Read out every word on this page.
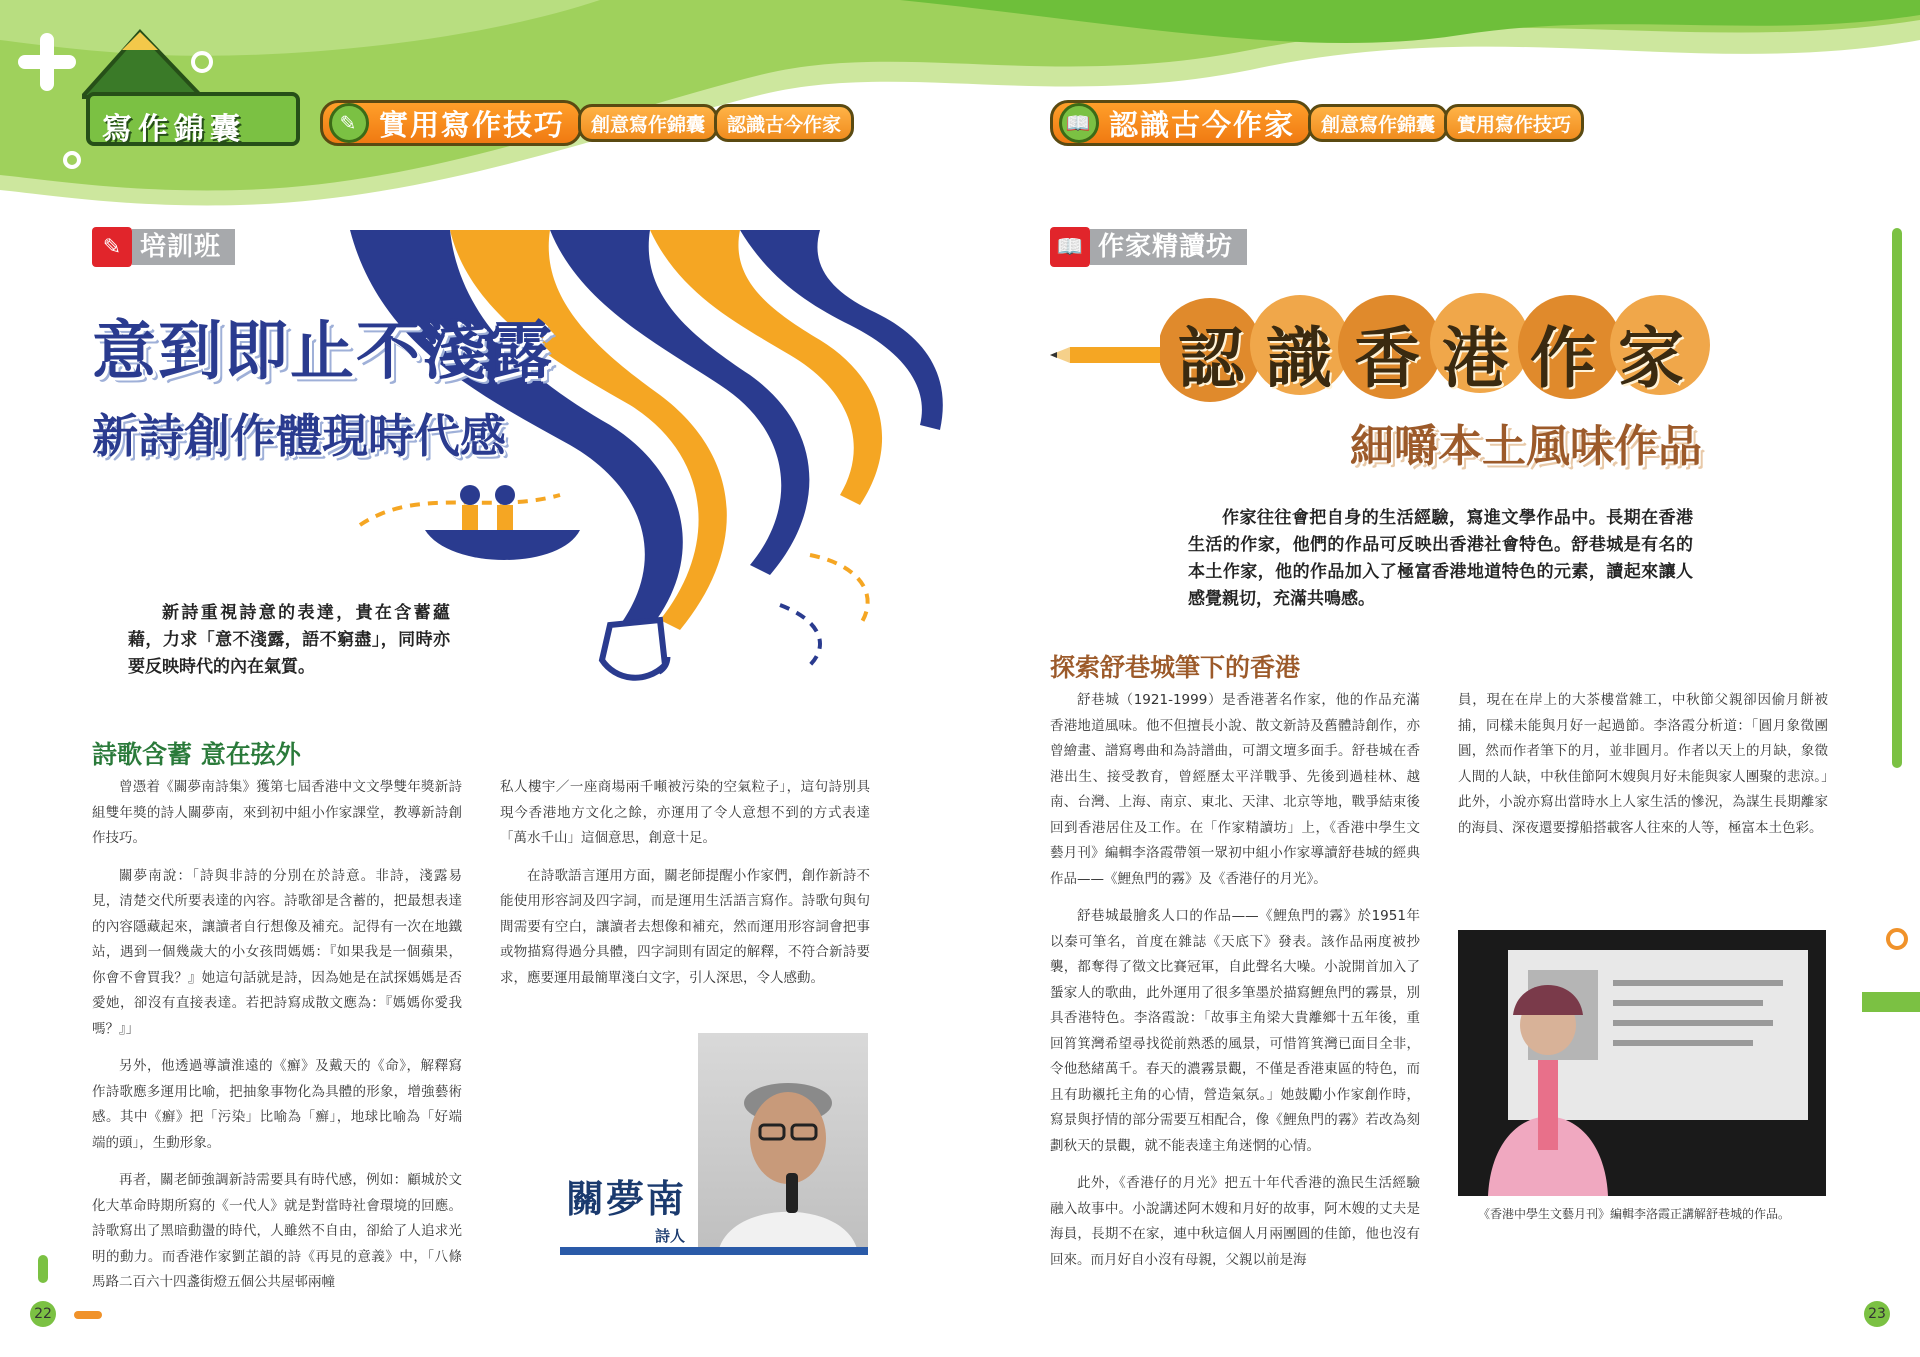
寫作錦囊	✎ 實用寫作技巧 創意寫作錦囊 認識古今作家	📖 認識古今作家 創意寫作錦囊 實用寫作技巧
✎ 培訓班
,
意到即止不淺露
新詩創作體現時代感
新詩重視詩意的表達，貴在含蓄蘊藉，力求「意不淺露，語不窮盡」，同時亦要反映時代的內在氣質。
詩歌含蓄 意在弦外

曾憑着《關夢南詩集》獲第七屆香港中文文學雙年獎新詩組雙年獎的詩人關夢南，來到初中組小作家課堂，教導新詩創作技巧。

關夢南說：「詩與非詩的分別在於詩意。非詩，淺露易見，清楚交代所要表達的內容。詩歌卻是含蓄的，把最想表達的內容隱藏起來，讓讀者自行想像及補充。記得有一次在地鐵站，遇到一個幾歲大的小女孩問媽媽：『如果我是一個蘋果，你會不會買我？』她這句話就是詩，因為她是在試探媽媽是否愛她，卻沒有直接表達。若把詩寫成散文應為：『媽媽你愛我嗎？』」

另外，他透過導讀淮遠的《癬》及戴天的《命》，解釋寫作詩歌應多運用比喻，把抽象事物化為具體的形象，增強藝術感。其中《癬》把「污染」比喻為「癬」，地球比喻為「好端端的頭」，生動形象。

再者，關老師強調新詩需要具有時代感，例如：顧城於文化大革命時期所寫的《一代人》就是對當時社會環境的回應。詩歌寫出了黑暗動盪的時代，人雖然不自由，卻給了人追求光明的動力。而香港作家劉芷韻的詩《再見的意義》中，「八條馬路二百六十四盞街燈五個公共屋邨兩幢

私人樓宇／一座商場兩千噸被污染的空氣粒子」，這句詩別具現今香港地方文化之餘，亦運用了令人意想不到的方式表達「萬水千山」這個意思，創意十足。

在詩歌語言運用方面，關老師提醒小作家們，創作新詩不能使用形容詞及四字詞，而是運用生活語言寫作。詩歌句與句間需要有空白，讓讀者去想像和補充，然而運用形容詞會把事或物描寫得過分具體，四字詞則有固定的解釋，不符合新詩要求，應要運用最簡單淺白文字，引人深思，令人感動。

關夢南
詩人
22
📖 作家精讀坊
認識香港作家
細嚼本土風味作品
作家往往會把自身的生活經驗，寫進文學作品中。長期在香港生活的作家，他們的作品可反映出香港社會特色。舒巷城是有名的本土作家，他的作品加入了極富香港地道特色的元素，讀起來讓人感覺親切，充滿共鳴感。
探索舒巷城筆下的香港

舒巷城（1921-1999）是香港著名作家，他的作品充滿香港地道風味。他不但擅長小說、散文新詩及舊體詩創作，亦曾繪畫、譜寫粵曲和為詩譜曲，可謂文壇多面手。舒巷城在香港出生、接受教育，曾經歷太平洋戰爭、先後到過桂林、越南、台灣、上海、南京、東北、天津、北京等地，戰爭結束後回到香港居住及工作。在「作家精讀坊」上，《香港中學生文藝月刊》編輯李洛霞帶領一眾初中組小作家導讀舒巷城的經典作品——《鯉魚門的霧》及《香港仔的月光》。

舒巷城最膾炙人口的作品——《鯉魚門的霧》於1951年以秦可筆名，首度在雜誌《天底下》發表。該作品兩度被抄襲，都奪得了徵文比賽冠軍，自此聲名大噪。小說開首加入了蜑家人的歌曲，此外運用了很多筆墨於描寫鯉魚門的霧景，別具香港特色。李洛霞說：「故事主角梁大貴離鄉十五年後，重回筲箕灣希望尋找從前熟悉的風景，可惜筲箕灣已面目全非，令他愁緒萬千。春天的濃霧景觀，不僅是香港東區的特色，而且有助襯托主角的心情，營造氣氛。」她鼓勵小作家創作時，寫景與抒情的部分需要互相配合，像《鯉魚門的霧》若改為刻劃秋天的景觀，就不能表達主角迷惘的心情。

此外，《香港仔的月光》把五十年代香港的漁民生活經驗融入故事中。小說講述阿木嫂和月好的故事，阿木嫂的丈夫是海員，長期不在家，連中秋這個人月兩團圓的佳節，他也沒有回來。而月好自小沒有母親，父親以前是海

員，現在在岸上的大茶樓當雜工，中秋節父親卻因偷月餅被捕，同樣未能與月好一起過節。李洛霞分析道：「圓月象徵團圓，然而作者筆下的月，並非圓月。作者以天上的月缺，象徵人間的人缺，中秋佳節阿木嫂與月好未能與家人團聚的悲涼。」此外，小說亦寫出當時水上人家生活的慘況，為謀生長期離家的海員、深夜還要撐船搭載客人往來的人等，極富本土色彩。

《香港中學生文藝月刊》編輯李洛霞正講解舒巷城的作品。
23
